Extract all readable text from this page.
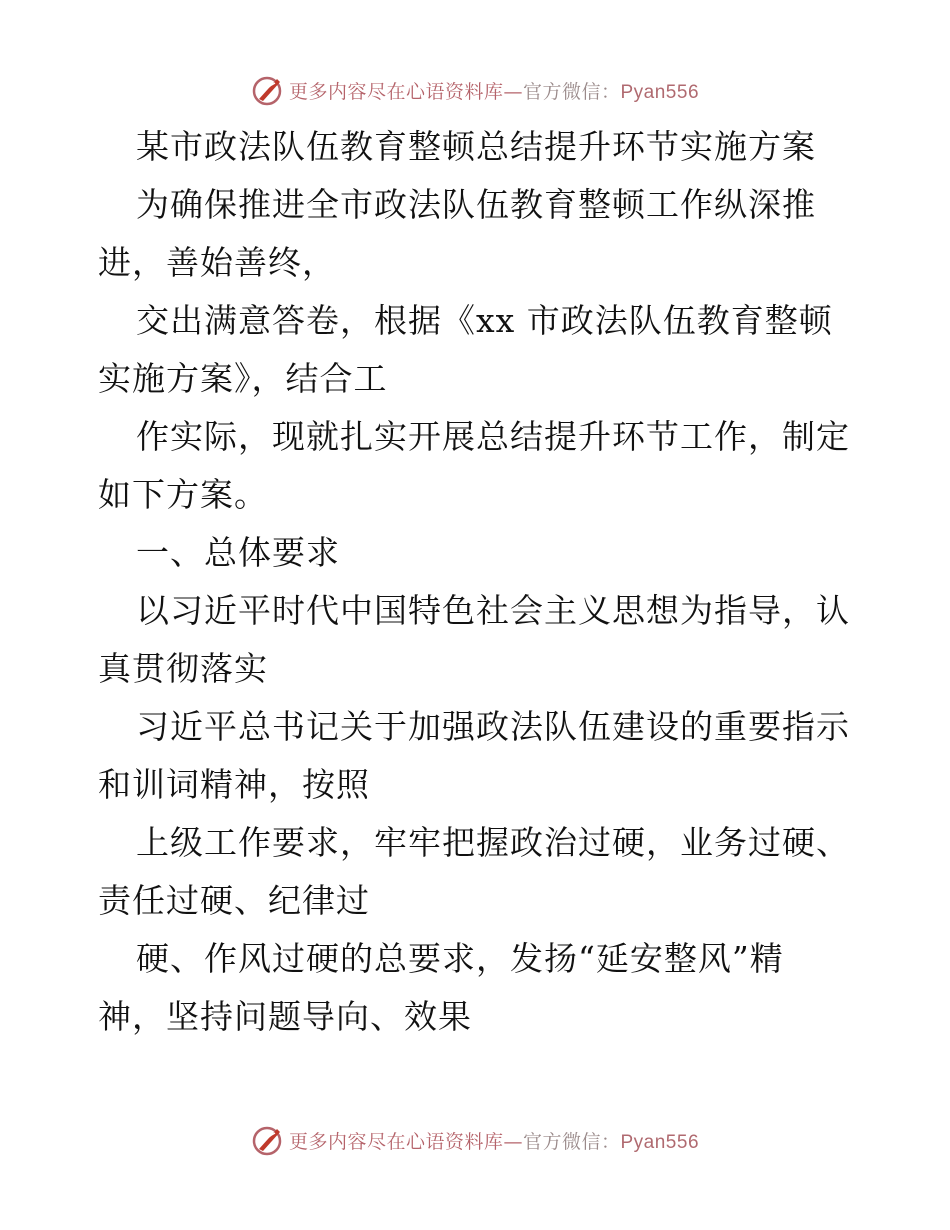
更多内容尽在心语资料库—官方微信：Pyan556
某市政法队伍教育整顿总结提升环节实施方案
为确保推进全市政法队伍教育整顿工作纵深推
进，善始善终，
交出满意答卷，根据《xx 市政法队伍教育整顿
实施方案》，结合工
作实际，现就扎实开展总结提升环节工作，制定
如下方案。
一、总体要求
以习近平时代中国特色社会主义思想为指导，认
真贯彻落实
习近平总书记关于加强政法队伍建设的重要指示
和训词精神，按照
上级工作要求，牢牢把握政治过硬，业务过硬、
责任过硬、纪律过
硬、作风过硬的总要求，发扬“延安整风”精
神，坚持问题导向、效果
更多内容尽在心语资料库—官方微信：Pyan556
